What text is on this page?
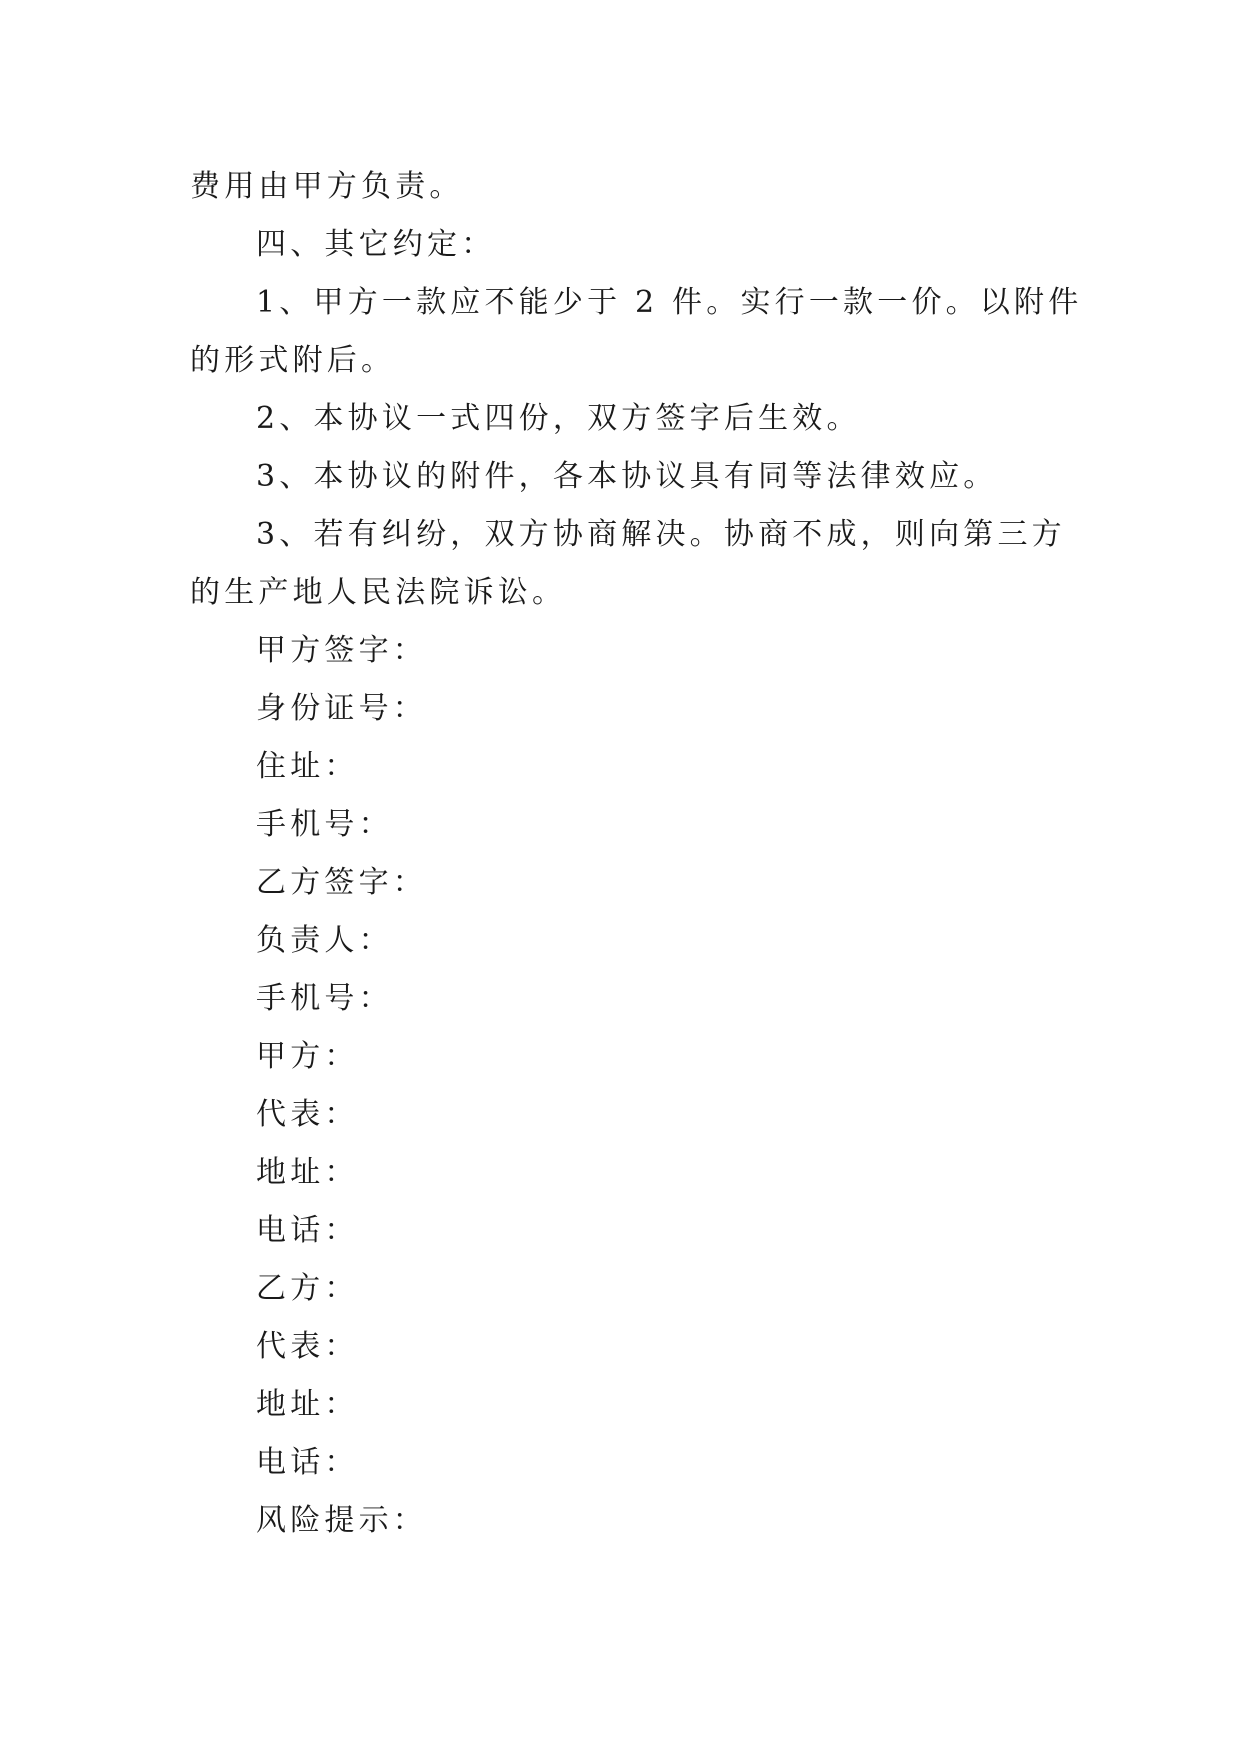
费用由甲方负责。
四、其它约定：
1、甲方一款应不能少于 2 件。实行一款一价。以附件
的形式附后。
2、本协议一式四份，双方签字后生效。
3、本协议的附件，各本协议具有同等法律效应。
3、若有纠纷，双方协商解决。协商不成，则向第三方
的生产地人民法院诉讼。
甲方签字：
身份证号：
住址：
手机号：
乙方签字：
负责人：
手机号：
甲方：
代表：
地址：
电话：
乙方：
代表：
地址：
电话：
风险提示：
